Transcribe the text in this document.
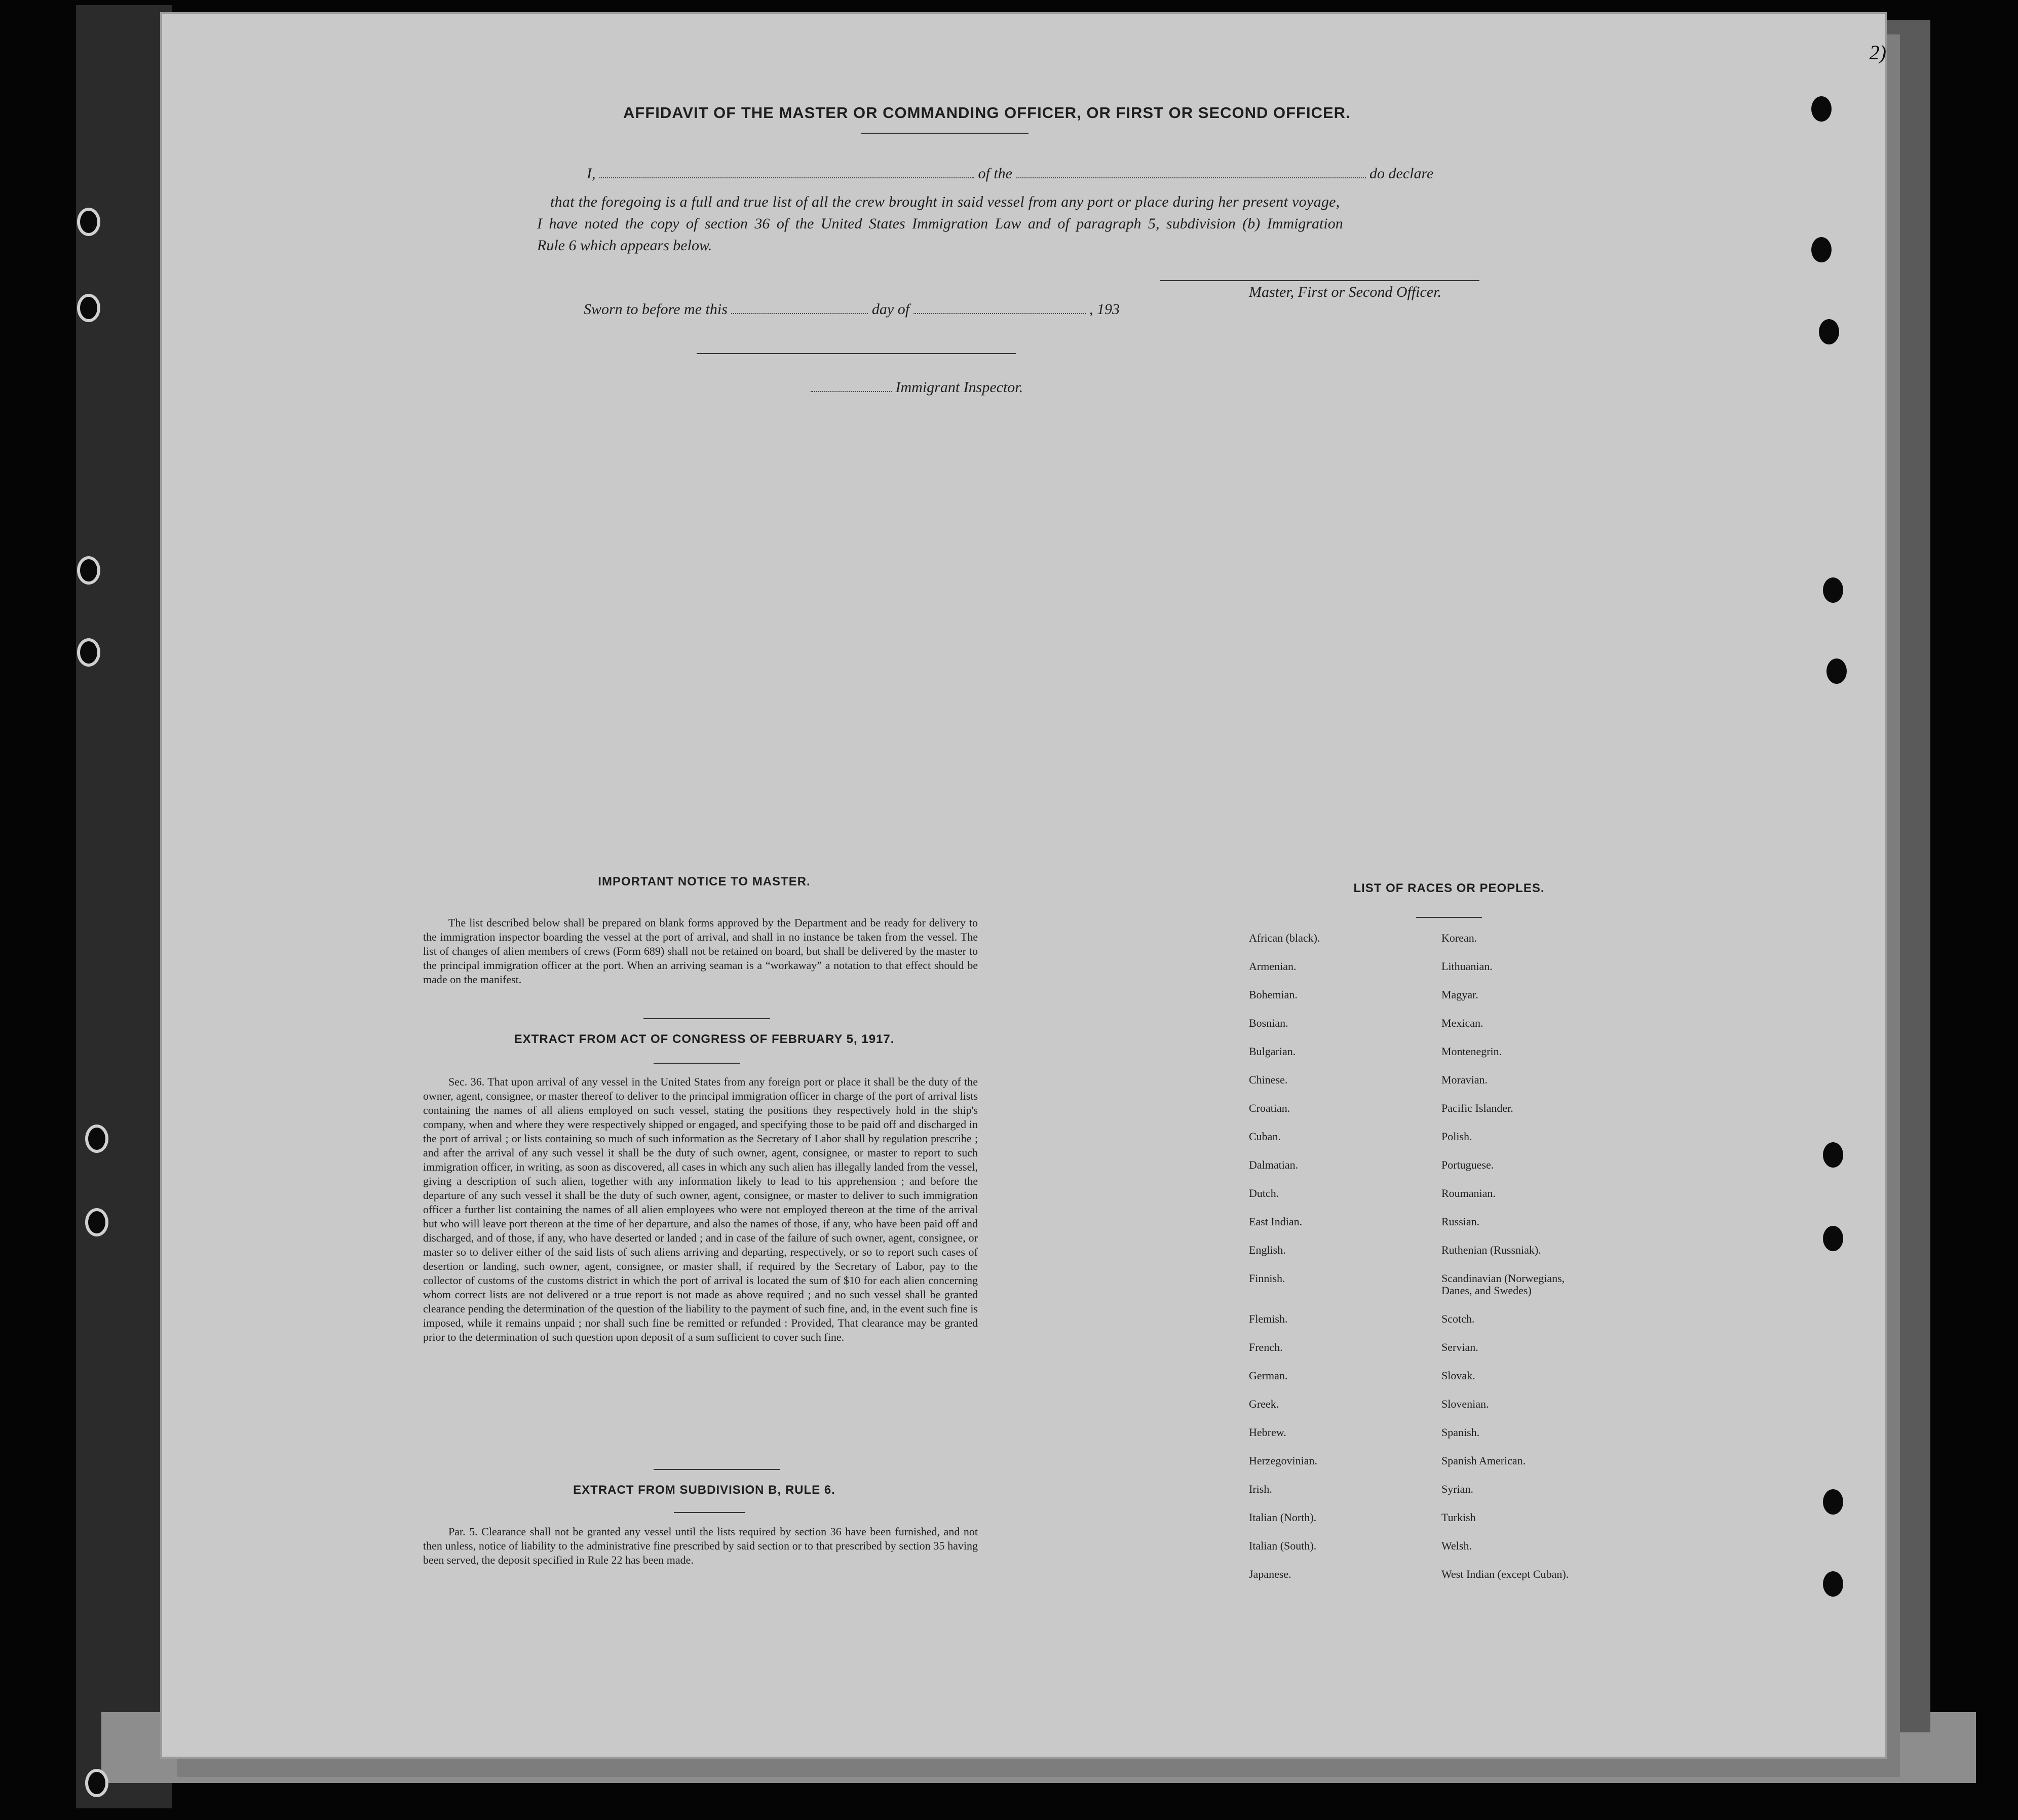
2)
AFFIDAVIT OF THE MASTER OR COMMANDING OFFICER, OR FIRST OR SECOND OFFICER.
I,	of the	do declare
that the foregoing is a full and true list of all the crew brought in said vessel from any port or place during her present voyage,
I have noted the copy of section 36 of the United States Immigration Law and of paragraph 5, subdivision (b) Immigration
Rule 6 which appears below.
Master, First or Second Officer.
Sworn to before me this	day of	, 193
Immigrant Inspector.
IMPORTANT NOTICE TO MASTER.
The list described below shall be prepared on blank forms approved by the Department and be ready for delivery to the immigration inspector boarding the vessel at the port of arrival, and shall in no instance be taken from the vessel. The list of changes of alien members of crews (Form 689) shall not be retained on board, but shall be delivered by the master to the principal immigration officer at the port. When an arriving seaman is a “workaway” a notation to that effect should be made on the manifest.
EXTRACT FROM ACT OF CONGRESS OF FEBRUARY 5, 1917.
Sec. 36. That upon arrival of any vessel in the United States from any foreign port or place it shall be the duty of the owner, agent, consignee, or master thereof to deliver to the principal immigration officer in charge of the port of arrival lists containing the names of all aliens employed on such vessel, stating the positions they respectively hold in the ship's company, when and where they were respectively shipped or engaged, and specifying those to be paid off and discharged in the port of arrival ; or lists containing so much of such information as the Secretary of Labor shall by regulation prescribe ; and after the arrival of any such vessel it shall be the duty of such owner, agent, consignee, or master to report to such immigration officer, in writing, as soon as discovered, all cases in which any such alien has illegally landed from the vessel, giving a description of such alien, together with any information likely to lead to his apprehension ; and before the departure of any such vessel it shall be the duty of such owner, agent, consignee, or master to deliver to such immigration officer a further list containing the names of all alien employees who were not employed thereon at the time of the arrival but who will leave port thereon at the time of her departure, and also the names of those, if any, who have been paid off and discharged, and of those, if any, who have deserted or landed ; and in case of the failure of such owner, agent, consignee, or master so to deliver either of the said lists of such aliens arriving and departing, respectively, or so to report such cases of desertion or landing, such owner, agent, consignee, or master shall, if required by the Secretary of Labor, pay to the collector of customs of the customs district in which the port of arrival is located the sum of $10 for each alien concerning whom correct lists are not delivered or a true report is not made as above required ; and no such vessel shall be granted clearance pending the determination of the question of the liability to the payment of such fine, and, in the event such fine is imposed, while it remains unpaid ; nor shall such fine be remitted or refunded : Provided, That clearance may be granted prior to the determination of such question upon deposit of a sum sufficient to cover such fine.
EXTRACT FROM SUBDIVISION B, RULE 6.
Par. 5. Clearance shall not be granted any vessel until the lists required by section 36 have been furnished, and not then unless, notice of liability to the administrative fine prescribed by said section or to that prescribed by section 35 having been served, the deposit specified in Rule 22 has been made.
LIST OF RACES OR PEOPLES.
African (black).	Korean.
Armenian.	Lithuanian.
Bohemian.	Magyar.
Bosnian.	Mexican.
Bulgarian.	Montenegrin.
Chinese.	Moravian.
Croatian.	Pacific Islander.
Cuban.	Polish.
Dalmatian.	Portuguese.
Dutch.	Roumanian.
East Indian.	Russian.
English.	Ruthenian (Russniak).
Finnish.	Scandinavian (Norwegians,
Danes, and Swedes)
Flemish.	Scotch.
French.	Servian.
German.	Slovak.
Greek.	Slovenian.
Hebrew.	Spanish.
Herzegovinian.	Spanish American.
Irish.	Syrian.
Italian (North).	Turkish
Italian (South).	Welsh.
Japanese.	West Indian (except Cuban).
